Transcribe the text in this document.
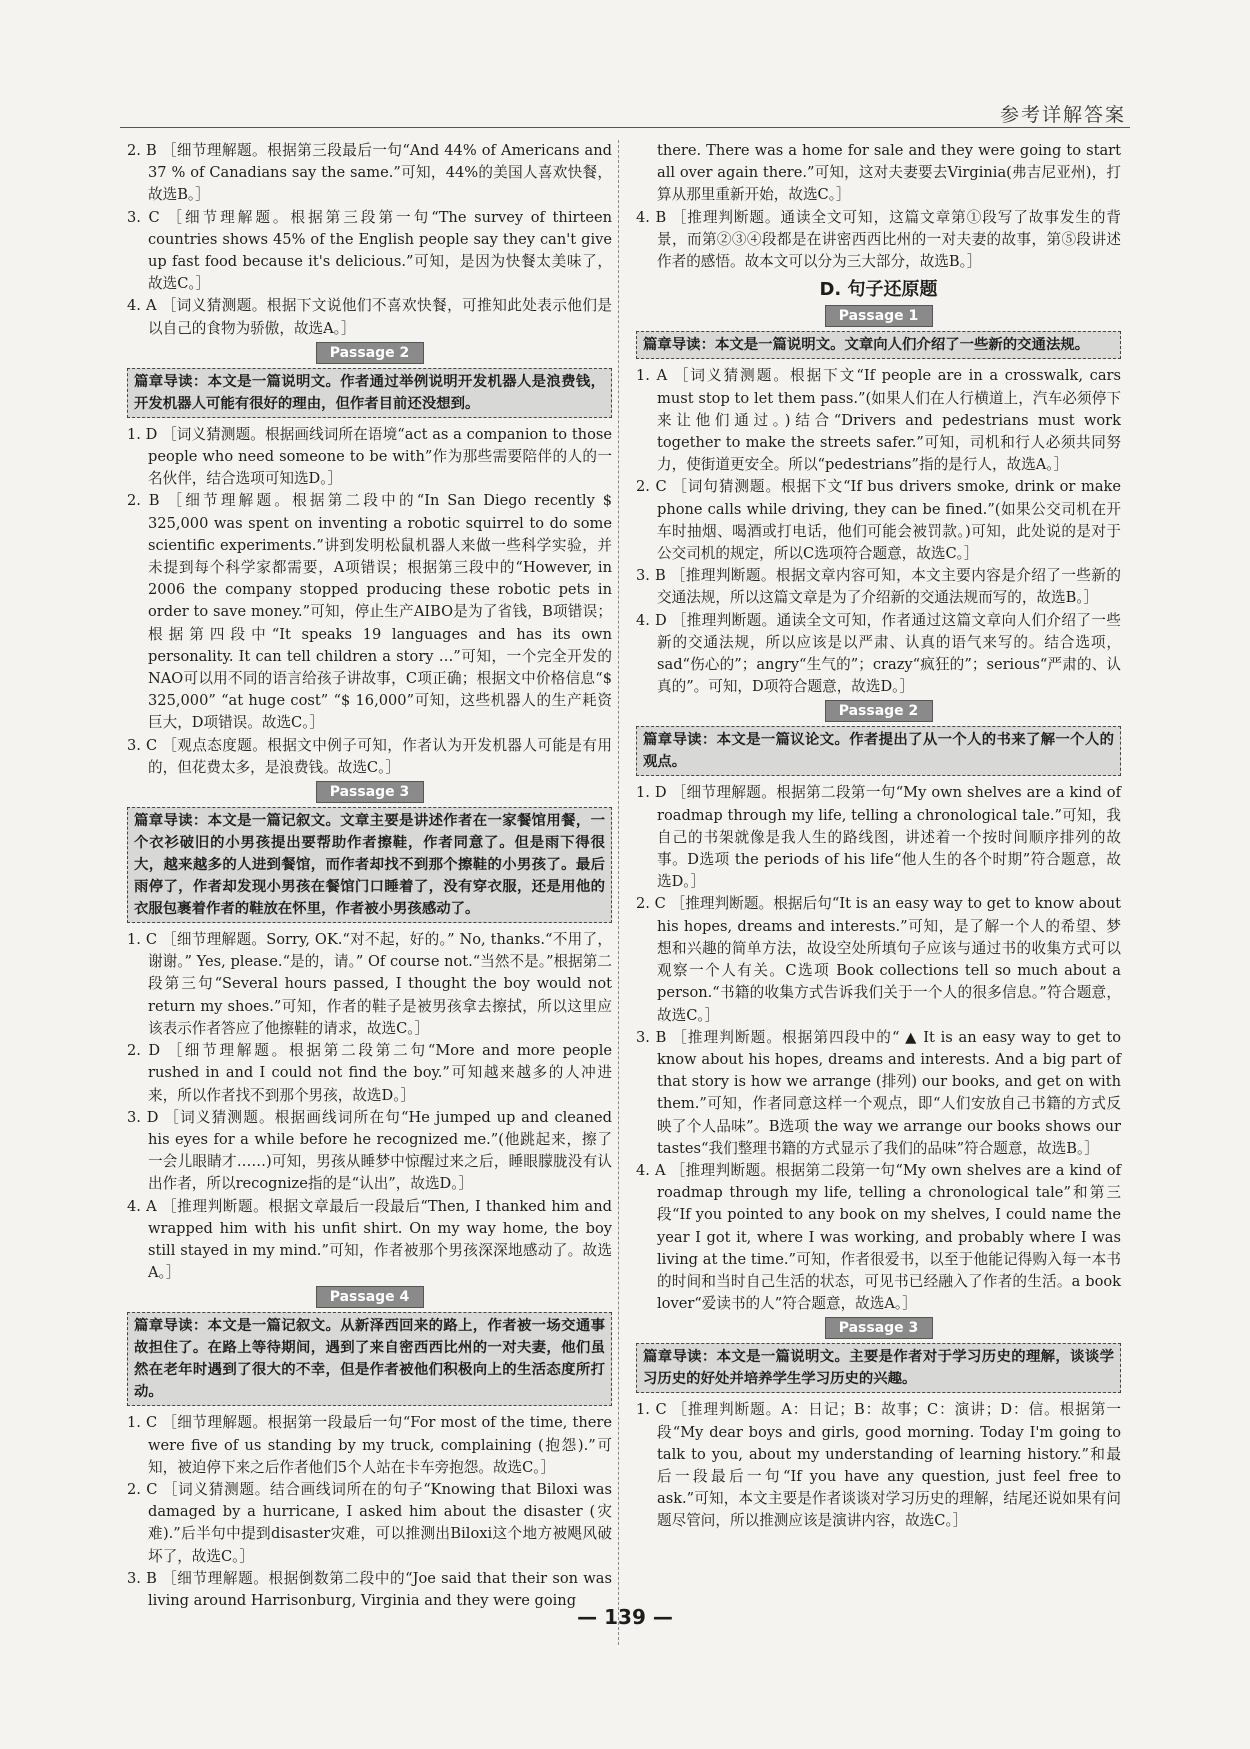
参考详解答案

2. B ［细节理解题。根据第三段最后一句“And 44% of Americans and 37 % of Canadians say the same.”可知，44%的美国人喜欢快餐，故选B。］

3. C ［细节理解题。根据第三段第一句“The survey of thirteen countries shows 45% of the English people say they can't give up fast food because it's delicious.”可知，是因为快餐太美味了，故选C。］

4. A ［词义猜测题。根据下文说他们不喜欢快餐，可推知此处表示他们是以自己的食物为骄傲，故选A。］

Passage 2
篇章导读：本文是一篇说明文。作者通过举例说明开发机器人是浪费钱，开发机器人可能有很好的理由，但作者目前还没想到。

1. D ［词义猜测题。根据画线词所在语境“act as a companion to those people who need someone to be with”作为那些需要陪伴的人的一名伙伴，结合选项可知选D。］

2. B ［细节理解题。根据第二段中的“In San Diego recently $ 325,000 was spent on inventing a robotic squirrel to do some scientific experiments.”讲到发明松鼠机器人来做一些科学实验，并未提到每个科学家都需要，A项错误；根据第三段中的“However, in 2006 the company stopped producing these robotic pets in order to save money.”可知，停止生产AIBO是为了省钱，B项错误；根据第四段中“It speaks 19 languages and has its own personality. It can tell children a story …”可知，一个完全开发的NAO可以用不同的语言给孩子讲故事，C项正确；根据文中价格信息“$ 325,000” “at huge cost” “$ 16,000”可知，这些机器人的生产耗资巨大，D项错误。故选C。］

3. C ［观点态度题。根据文中例子可知，作者认为开发机器人可能是有用的，但花费太多，是浪费钱。故选C。］

Passage 3
篇章导读：本文是一篇记叙文。文章主要是讲述作者在一家餐馆用餐，一个衣衫破旧的小男孩提出要帮助作者擦鞋，作者同意了。但是雨下得很大，越来越多的人进到餐馆，而作者却找不到那个擦鞋的小男孩了。最后雨停了，作者却发现小男孩在餐馆门口睡着了，没有穿衣服，还是用他的衣服包裹着作者的鞋放在怀里，作者被小男孩感动了。

1. C ［细节理解题。Sorry, OK.“对不起，好的。” No, thanks.“不用了，谢谢。” Yes, please.“是的，请。” Of course not.“当然不是。”根据第二段第三句“Several hours passed, I thought the boy would not return my shoes.”可知，作者的鞋子是被男孩拿去擦拭，所以这里应该表示作者答应了他擦鞋的请求，故选C。］

2. D ［细节理解题。根据第二段第二句“More and more people rushed in and I could not find the boy.”可知越来越多的人冲进来，所以作者找不到那个男孩，故选D。］

3. D ［词义猜测题。根据画线词所在句“He jumped up and cleaned his eyes for a while before he recognized me.”(他跳起来，擦了一会儿眼睛才……)可知，男孩从睡梦中惊醒过来之后，睡眼朦胧没有认出作者，所以recognize指的是“认出”，故选D。］

4. A ［推理判断题。根据文章最后一段最后“Then, I thanked him and wrapped him with his unfit shirt. On my way home, the boy still stayed in my mind.”可知，作者被那个男孩深深地感动了。故选A。］

Passage 4
篇章导读：本文是一篇记叙文。从新泽西回来的路上，作者被一场交通事故担住了。在路上等待期间，遇到了来自密西西比州的一对夫妻，他们虽然在老年时遇到了很大的不幸，但是作者被他们积极向上的生活态度所打动。

1. C ［细节理解题。根据第一段最后一句“For most of the time, there were five of us standing by my truck, complaining (抱怨).”可知，被迫停下来之后作者他们5个人站在卡车旁抱怨。故选C。］

2. C ［词义猜测题。结合画线词所在的句子“Knowing that Biloxi was damaged by a hurricane, I asked him about the disaster (灾难).”后半句中提到disaster灾难，可以推测出Biloxi这个地方被飓风破坏了，故选C。］

3. B ［细节理解题。根据倒数第二段中的“Joe said that their son was living around Harrisonburg, Virginia and they were going

there. There was a home for sale and they were going to start all over again there.”可知，这对夫妻要去Virginia(弗吉尼亚州)，打算从那里重新开始，故选C。］

4. B ［推理判断题。通读全文可知，这篇文章第①段写了故事发生的背景，而第②③④段都是在讲密西西比州的一对夫妻的故事，第⑤段讲述作者的感悟。故本文可以分为三大部分，故选B。］

D. 句子还原题
Passage 1
篇章导读：本文是一篇说明文。文章向人们介绍了一些新的交通法规。

1. A ［词义猜测题。根据下文“If people are in a crosswalk, cars must stop to let them pass.”(如果人们在人行横道上，汽车必须停下来让他们通过。)结合“Drivers and pedestrians must work together to make the streets safer.”可知，司机和行人必须共同努力，使街道更安全。所以“pedestrians”指的是行人，故选A。］

2. C ［词句猜测题。根据下文“If bus drivers smoke, drink or make phone calls while driving, they can be fined.”(如果公交司机在开车时抽烟、喝酒或打电话，他们可能会被罚款。)可知，此处说的是对于公交司机的规定，所以C选项符合题意，故选C。］

3. B ［推理判断题。根据文章内容可知，本文主要内容是介绍了一些新的交通法规，所以这篇文章是为了介绍新的交通法规而写的，故选B。］

4. D ［推理判断题。通读全文可知，作者通过这篇文章向人们介绍了一些新的交通法规，所以应该是以严肃、认真的语气来写的。结合选项，sad“伤心的”；angry“生气的”；crazy“疯狂的”；serious“严肃的、认真的”。可知，D项符合题意，故选D。］

Passage 2
篇章导读：本文是一篇议论文。作者提出了从一个人的书来了解一个人的观点。

1. D ［细节理解题。根据第二段第一句“My own shelves are a kind of roadmap through my life, telling a chronological tale.”可知，我自己的书架就像是我人生的路线图，讲述着一个按时间顺序排列的故事。D选项 the periods of his life“他人生的各个时期”符合题意，故选D。］

2. C ［推理判断题。根据后句“It is an easy way to get to know about his hopes, dreams and interests.”可知，是了解一个人的希望、梦想和兴趣的简单方法，故设空处所填句子应该与通过书的收集方式可以观察一个人有关。C选项 Book collections tell so much about a person.“书籍的收集方式告诉我们关于一个人的很多信息。”符合题意，故选C。］

3. B ［推理判断题。根据第四段中的“ ▲ It is an easy way to get to know about his hopes, dreams and interests. And a big part of that story is how we arrange (排列) our books, and get on with them.”可知，作者同意这样一个观点，即“人们安放自己书籍的方式反映了个人品味”。B选项 the way we arrange our books shows our tastes“我们整理书籍的方式显示了我们的品味”符合题意，故选B。］

4. A ［推理判断题。根据第二段第一句“My own shelves are a kind of roadmap through my life, telling a chronological tale”和第三段“If you pointed to any book on my shelves, I could name the year I got it, where I was working, and probably where I was living at the time.”可知，作者很爱书，以至于他能记得购入每一本书的时间和当时自己生活的状态，可见书已经融入了作者的生活。a book lover“爱读书的人”符合题意，故选A。］

Passage 3
篇章导读：本文是一篇说明文。主要是作者对于学习历史的理解，谈谈学习历史的好处并培养学生学习历史的兴趣。

1. C ［推理判断题。A：日记；B：故事；C：演讲；D：信。根据第一段“My dear boys and girls, good morning. Today I'm going to talk to you, about my understanding of learning history.”和最后一段最后一句“If you have any question, just feel free to ask.”可知，本文主要是作者谈谈对学习历史的理解，结尾还说如果有问题尽管问，所以推测应该是演讲内容，故选C。］

— 139 —
